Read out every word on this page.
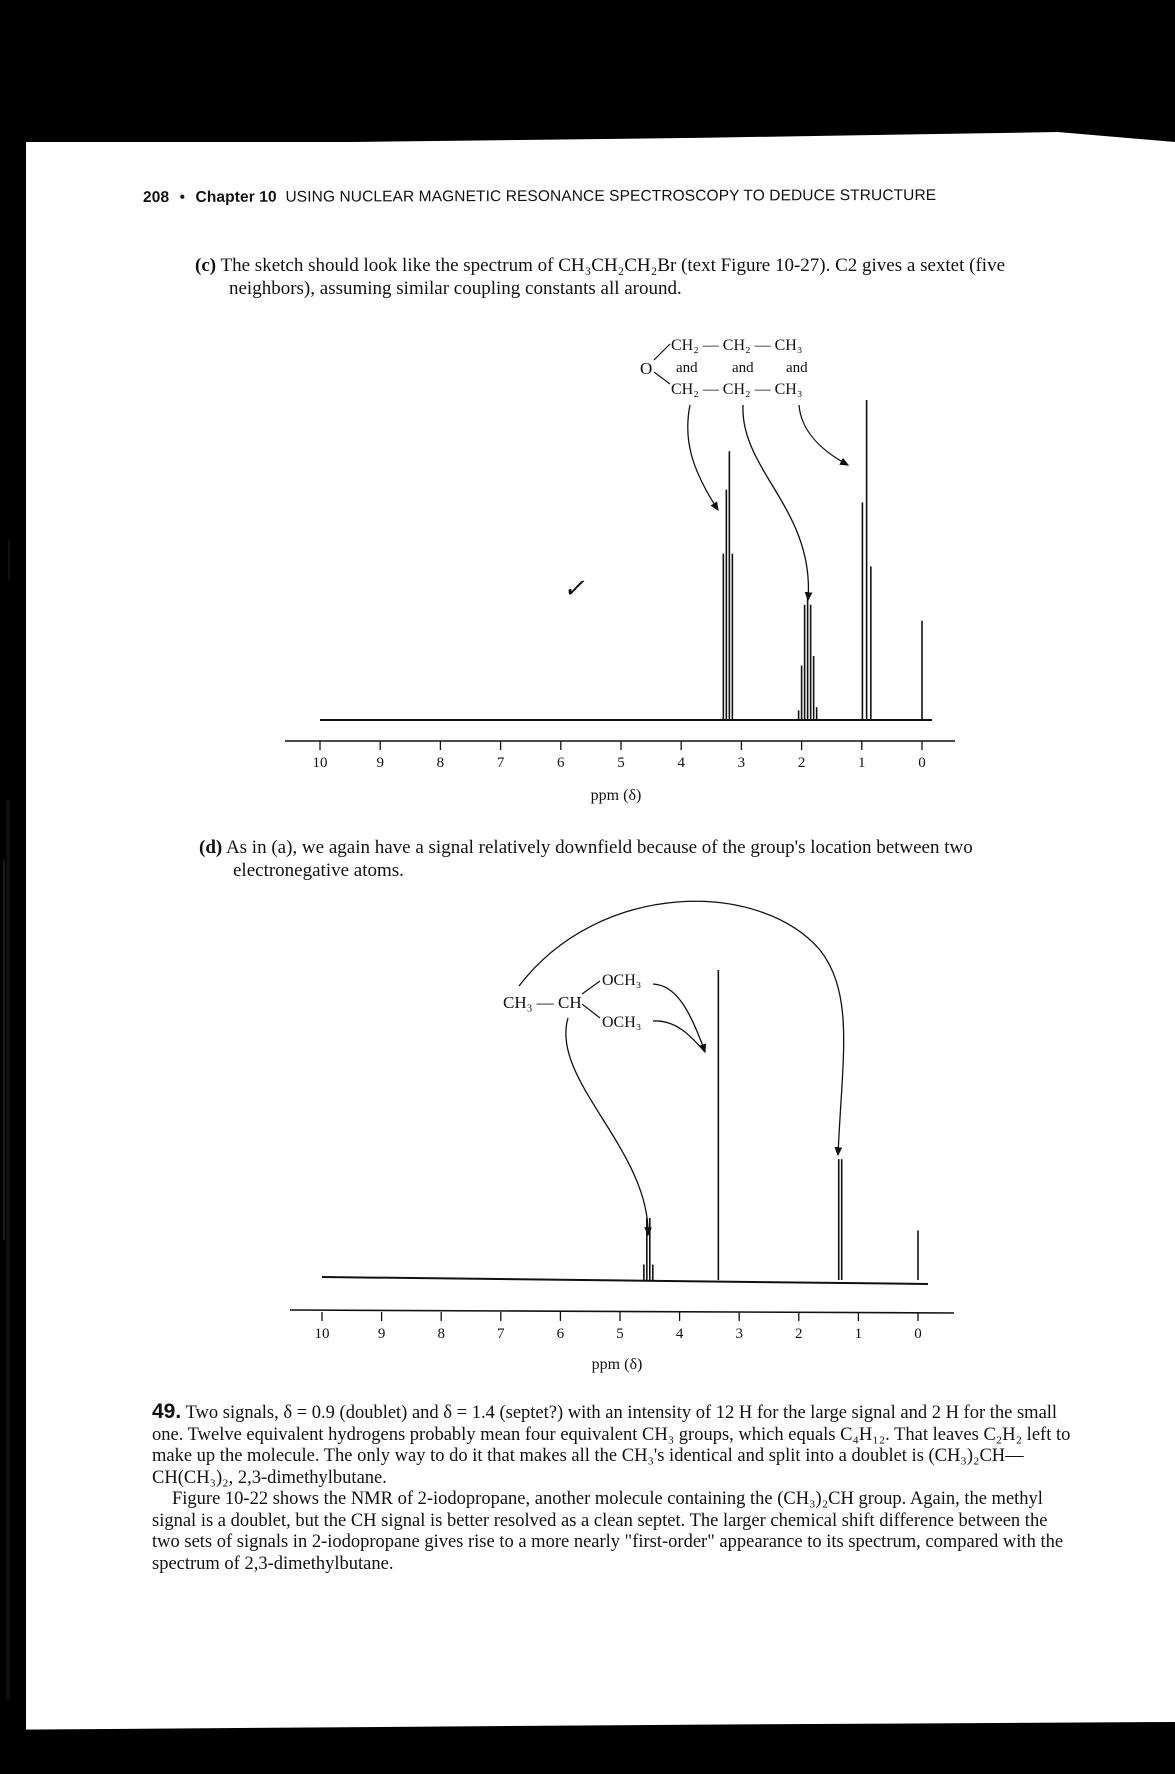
208 • Chapter 10 USING NUCLEAR MAGNETIC RESONANCE SPECTROSCOPY TO DEDUCE STRUCTURE
(c) The sketch should look like the spectrum of CH₃CH₂CH₂Br (text Figure 10-27). C2 gives a sextet (five neighbors), assuming similar coupling constants all around.
(d) As in (a), we again have a signal relatively downfield because of the group's location between two electronegative atoms.

49. Two signals, δ = 0.9 (doublet) and δ = 1.4 (septet?) with an intensity of 12 H for the large signal and 2 H for the small one. Twelve equivalent hydrogens probably mean four equivalent CH₃ groups, which equals C₄H₁₂. That leaves C₂H₂ left to make up the molecule. The only way to do it that makes all the CH₃'s identical and split into a doublet is (CH₃)₂CH—CH(CH₃)₂, 2,3-dimethylbutane.

Figure 10-22 shows the NMR of 2-iodopropane, another molecule containing the (CH₃)₂CH group. Again, the methyl signal is a doublet, but the CH signal is better resolved as a clean septet. The larger chemical shift difference between the two sets of signals in 2-iodopropane gives rise to a more nearly "first-order" appearance to its spectrum, compared with the spectrum of 2,3-dimethylbutane.

10	9	8	7	6	5	4	3	2	1	0
ppm (δ)
O
CH₂ — CH₂ — CH₃
and and and
CH₂ — CH₂ — CH₃
✓
10	9	8	7	6	5	4	3	2	1	0
ppm (δ)
CH₃ — CH
OCH₃
OCH₃
